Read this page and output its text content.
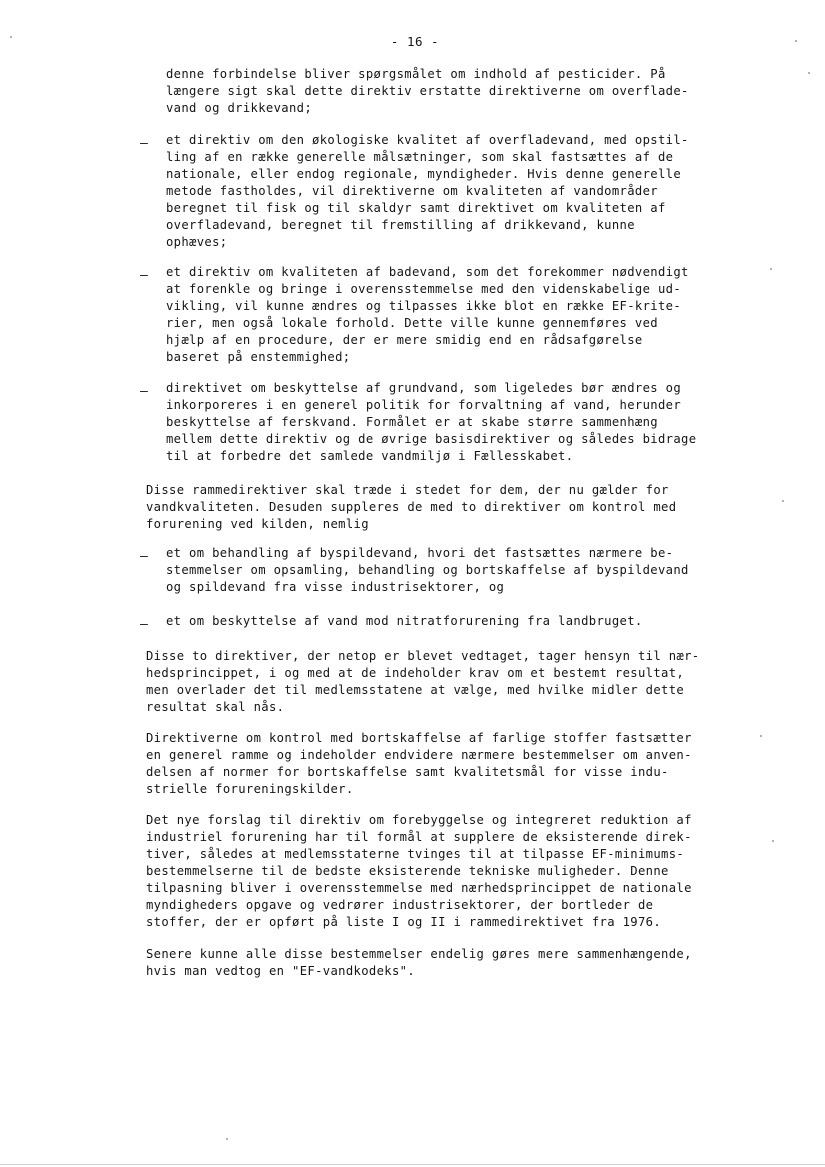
- 16 -

denne forbindelse bliver spørgsmålet om indhold af pesticider. På
længere sigt skal dette direktiv erstatte direktiverne om overflade-
vand og drikkevand;

– et direktiv om den økologiske kvalitet af overfladevand, med opstil-
ling af en række generelle målsætninger, som skal fastsættes af de
nationale, eller endog regionale, myndigheder. Hvis denne generelle
metode fastholdes, vil direktiverne om kvaliteten af vandområder
beregnet til fisk og til skaldyr samt direktivet om kvaliteten af
overfladevand, beregnet til fremstilling af drikkevand, kunne
ophæves;

– et direktiv om kvaliteten af badevand, som det forekommer nødvendigt
at forenkle og bringe i overensstemmelse med den videnskabelige ud-
vikling, vil kunne ændres og tilpasses ikke blot en række EF-krite-
rier, men også lokale forhold. Dette ville kunne gennemføres ved
hjælp af en procedure, der er mere smidig end en rådsafgørelse
baseret på enstemmighed;

– direktivet om beskyttelse af grundvand, som ligeledes bør ændres og
inkorporeres i en generel politik for forvaltning af vand, herunder
beskyttelse af ferskvand. Formålet er at skabe større sammenhæng
mellem dette direktiv og de øvrige basisdirektiver og således bidrage
til at forbedre det samlede vandmiljø i Fællesskabet.

Disse rammedirektiver skal træde i stedet for dem, der nu gælder for
vandkvaliteten. Desuden suppleres de med to direktiver om kontrol med
forurening ved kilden, nemlig

– et om behandling af byspildevand, hvori det fastsættes nærmere be-
stemmelser om opsamling, behandling og bortskaffelse af byspildevand
og spildevand fra visse industrisektorer, og

– et om beskyttelse af vand mod nitratforurening fra landbruget.

Disse to direktiver, der netop er blevet vedtaget, tager hensyn til nær-
hedsprincippet, i og med at de indeholder krav om et bestemt resultat,
men overlader det til medlemsstatene at vælge, med hvilke midler dette
resultat skal nås.

Direktiverne om kontrol med bortskaffelse af farlige stoffer fastsætter
en generel ramme og indeholder endvidere nærmere bestemmelser om anven-
delsen af normer for bortskaffelse samt kvalitetsmål for visse indu-
strielle forureningskilder.

Det nye forslag til direktiv om forebyggelse og integreret reduktion af
industriel forurening har til formål at supplere de eksisterende direk-
tiver, således at medlemsstaterne tvinges til at tilpasse EF-minimums-
bestemmelserne til de bedste eksisterende tekniske muligheder. Denne
tilpasning bliver i overensstemmelse med nærhedsprincippet de nationale
myndigheders opgave og vedrører industrisektorer, der bortleder de
stoffer, der er opført på liste I og II i rammedirektivet fra 1976.

Senere kunne alle disse bestemmelser endelig gøres mere sammenhængende,
hvis man vedtog en "EF-vandkodeks".
